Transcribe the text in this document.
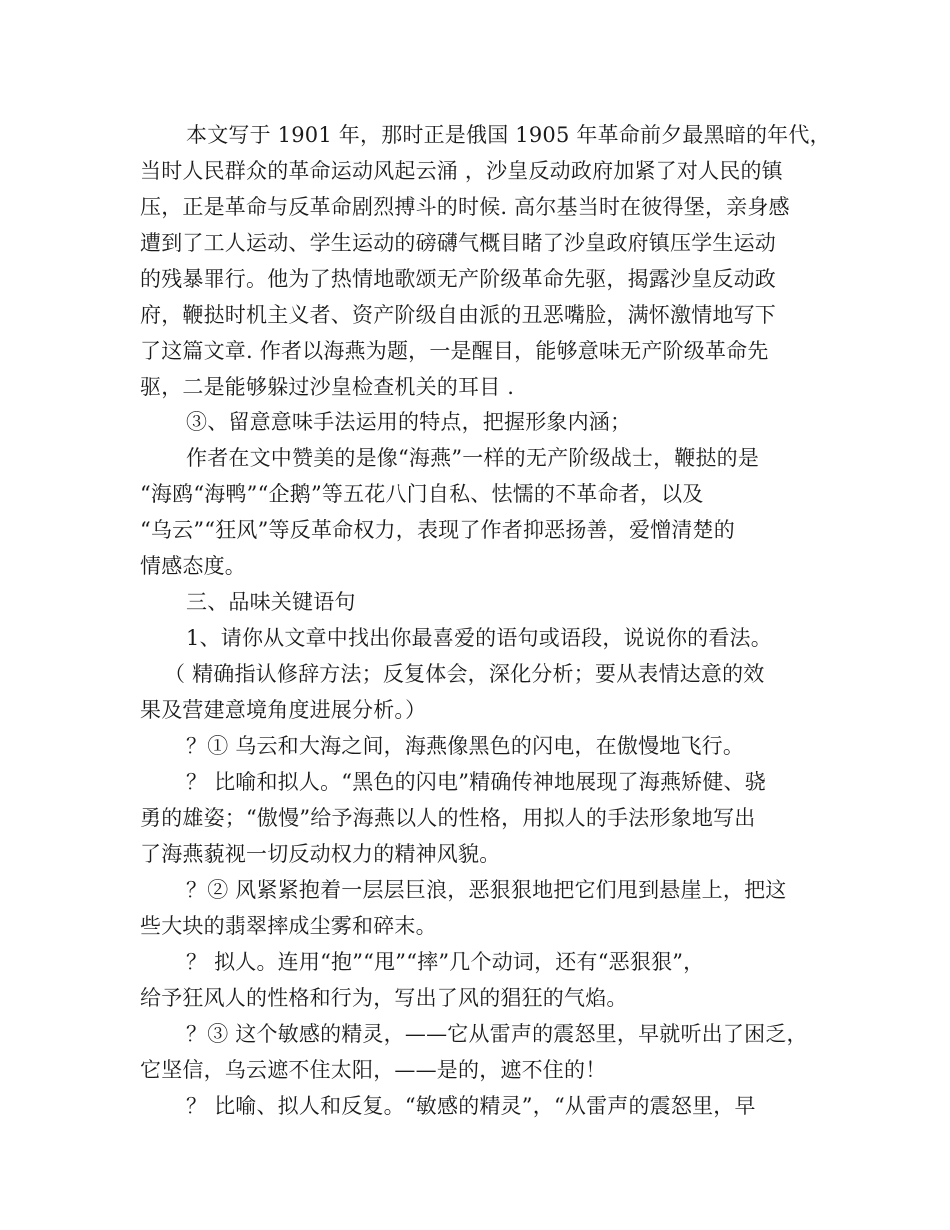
本文写于 1901 年，那时正是俄国 1905 年革命前夕最黑暗的年代，
当时人民群众的革命运动风起云涌 ，沙皇反动政府加紧了对人民的镇
压，正是革命与反革命剧烈搏斗的时候. 高尔基当时在彼得堡，亲身感
遭到了工人运动、学生运动的磅礴气概目睹了沙皇政府镇压学生运动
的残暴罪行。他为了热情地歌颂无产阶级革命先驱，揭露沙皇反动政
府，鞭挞时机主义者、资产阶级自由派的丑恶嘴脸，满怀激情地写下
了这篇文章. 作者以海燕为题，一是醒目，能够意味无产阶级革命先
驱，二是能够躲过沙皇检查机关的耳目 .
③、留意意味手法运用的特点，把握形象内涵；
作者在文中赞美的是像“海燕”一样的无产阶级战士，鞭挞的是
“海鸥“海鸭”“企鹅”等五花八门自私、怯懦的不革命者，以及
“乌云”“狂风”等反革命权力，表现了作者抑恶扬善，爱憎清楚的
情感态度。
三、品味关键语句
1、请你从文章中找出你最喜爱的语句或语段，说说你的看法。
（ 精确指认修辞方法；反复体会，深化分析；要从表情达意的效
果及营建意境角度进展分析。）
？① 乌云和大海之间，海燕像黑色的闪电，在傲慢地飞行。
？ 比喻和拟人。“黑色的闪电”精确传神地展现了海燕矫健、骁
勇的雄姿；“傲慢”给予海燕以人的性格，用拟人的手法形象地写出
了海燕藐视一切反动权力的精神风貌。
？② 风紧紧抱着一层层巨浪，恶狠狠地把它们甩到悬崖上，把这
些大块的翡翠摔成尘雾和碎末。
？ 拟人。连用“抱”“甩”“摔”几个动词，还有“恶狠狠”，
给予狂风人的性格和行为，写出了风的猖狂的气焰。
？③ 这个敏感的精灵，——它从雷声的震怒里，早就听出了困乏，
它坚信，乌云遮不住太阳，——是的，遮不住的！
？ 比喻、拟人和反复。“敏感的精灵”，“从雷声的震怒里，早
